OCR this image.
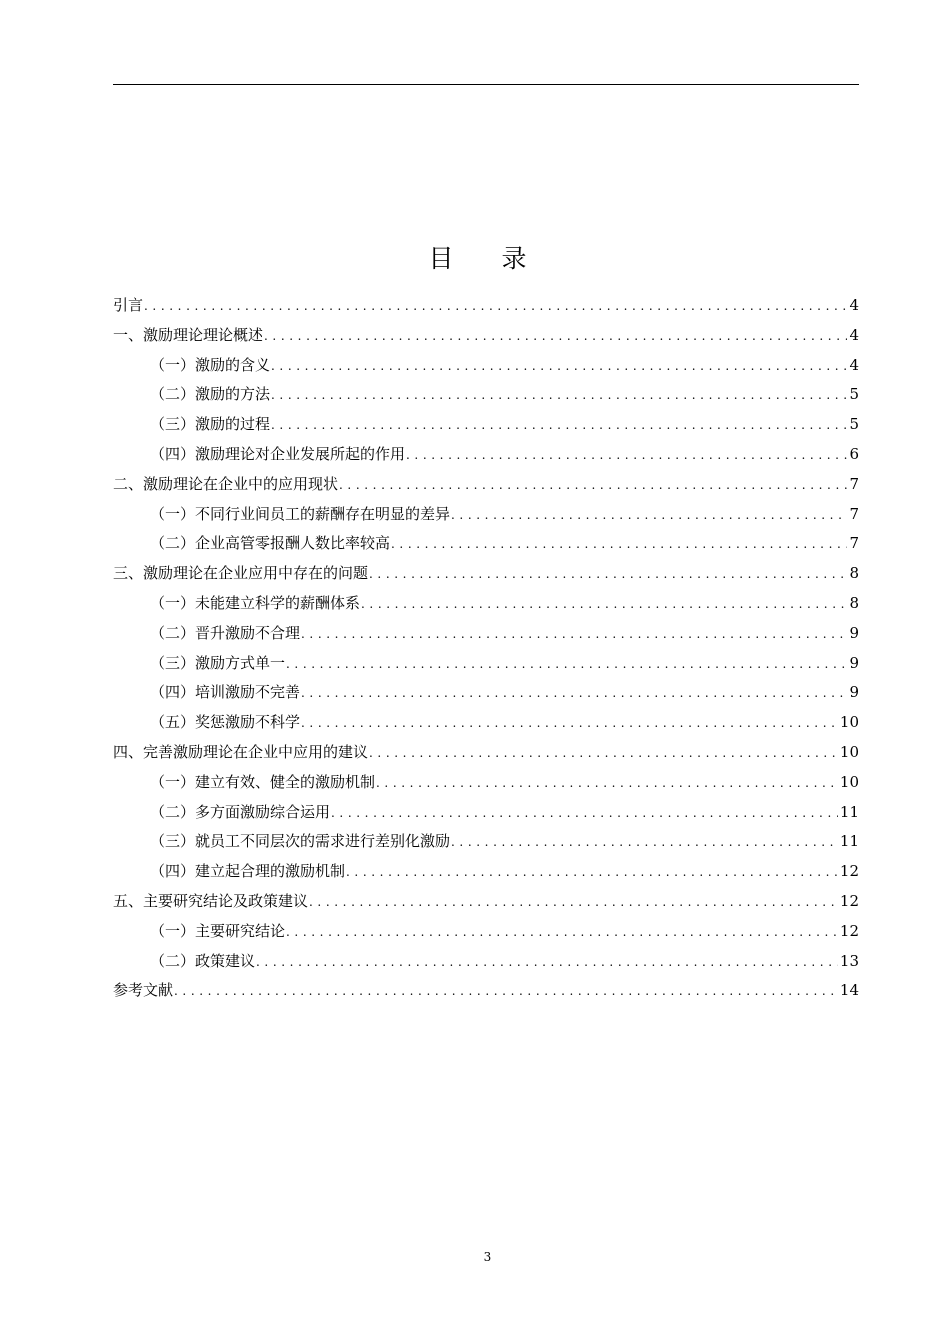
目 录
引言 .....	4
一、激励理论理论概述 .....	4
（一）激励的含义 .....	4
（二）激励的方法 .....	5
（三）激励的过程 .....	5
（四）激励理论对企业发展所起的作用 .....	6
二、激励理论在企业中的应用现状 .....	7
（一）不同行业间员工的薪酬存在明显的差异 .....	7
（二）企业高管零报酬人数比率较高 .....	7
三、激励理论在企业应用中存在的问题 .....	8
（一）未能建立科学的薪酬体系 .....	8
（二）晋升激励不合理 .....	9
（三）激励方式单一 .....	9
（四）培训激励不完善 .....	9
（五）奖惩激励不科学 .....	10
四、完善激励理论在企业中应用的建议 .....	10
（一）建立有效、健全的激励机制 .....	10
（二）多方面激励综合运用 .....	11
（三）就员工不同层次的需求进行差别化激励 .....	11
（四）建立起合理的激励机制 .....	12
五、主要研究结论及政策建议 .....	12
（一）主要研究结论 .....	12
（二）政策建议 .....	13
参考文献 .....	14
3
